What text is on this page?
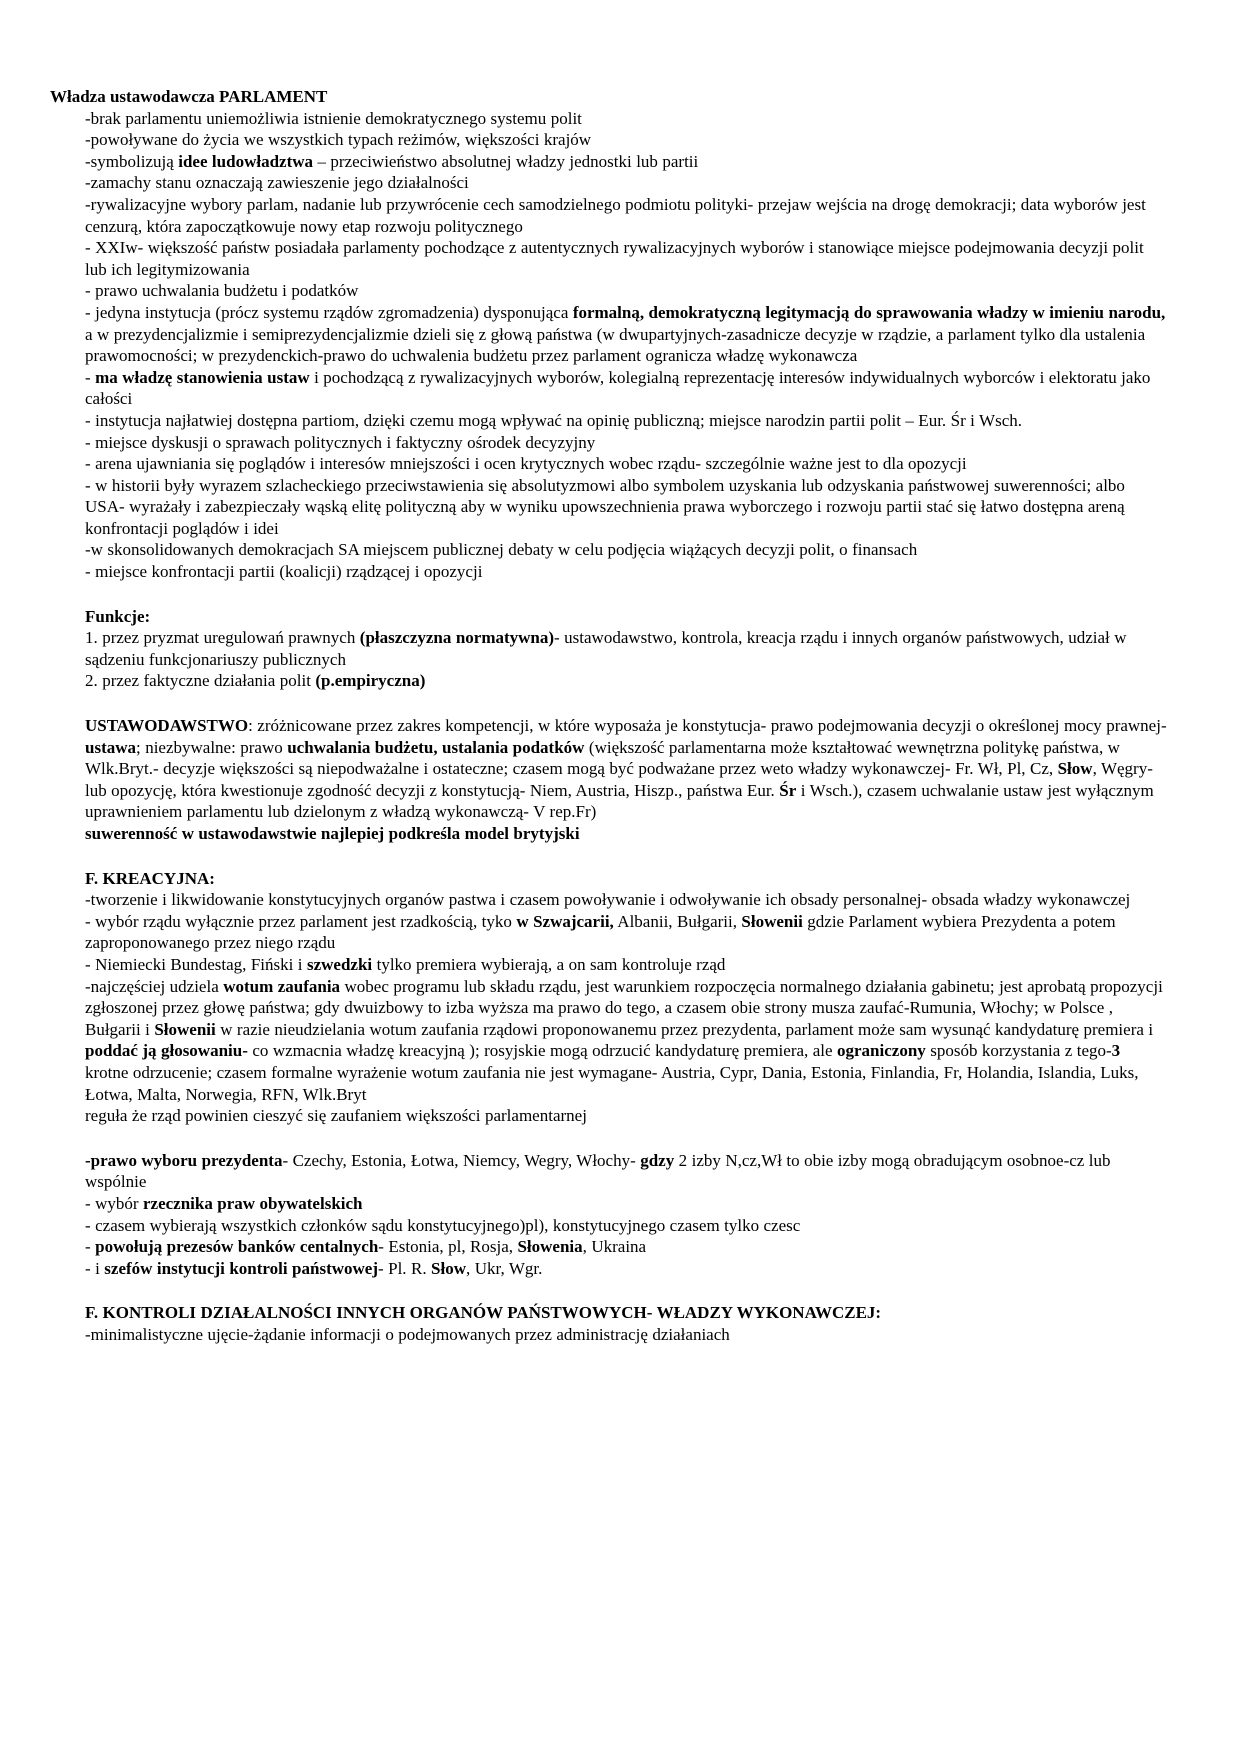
Władza ustawodawcza PARLAMENT

-brak parlamentu uniemożliwia istnienie demokratycznego systemu polit

-powoływane do życia we wszystkich typach reżimów, większości krajów

-symbolizują idee ludowładztwa – przeciwieństwo absolutnej władzy jednostki lub partii

-zamachy stanu oznaczają zawieszenie jego działalności

-rywalizacyjne wybory parlam, nadanie lub przywrócenie cech samodzielnego podmiotu polityki- przejaw wejścia na drogę demokracji; data wyborów jest cenzurą, która zapoczątkowuje nowy etap rozwoju politycznego

- XXIw- większość państw posiadała parlamenty pochodzące z autentycznych rywalizacyjnych wyborów i stanowiące miejsce podejmowania decyzji polit lub ich legitymizowania

- prawo uchwalania budżetu i podatków

- jedyna instytucja (prócz systemu rządów zgromadzenia) dysponująca formalną, demokratyczną legitymacją do sprawowania władzy w imieniu narodu, a w prezydencjalizmie i semiprezydencjalizmie dzieli się z głową państwa (w dwupartyjnych-zasadnicze decyzje w rządzie, a parlament tylko dla ustalenia prawomocności; w prezydenckich-prawo do uchwalenia budżetu przez parlament ogranicza władzę wykonawcza

- ma władzę stanowienia ustaw i pochodzącą z rywalizacyjnych wyborów, kolegialną reprezentację interesów indywidualnych wyborców i elektoratu jako całości

- instytucja najłatwiej dostępna partiom, dzięki czemu mogą wpływać na opinię publiczną; miejsce narodzin partii polit – Eur. Śr i Wsch.

- miejsce dyskusji o sprawach politycznych i faktyczny ośrodek decyzyjny

- arena ujawniania się poglądów i interesów mniejszości i ocen krytycznych wobec rządu- szczególnie ważne jest to dla opozycji

- w historii były wyrazem szlacheckiego przeciwstawienia się absolutyzmowi albo symbolem uzyskania lub odzyskania państwowej suwerenności; albo USA- wyrażały i zabezpieczały wąską elitę polityczną aby w wyniku upowszechnienia prawa wyborczego i rozwoju partii stać się łatwo dostępna areną konfrontacji poglądów i idei

-w skonsolidowanych demokracjach SA miejscem publicznej debaty w celu podjęcia wiążących decyzji polit, o finansach

- miejsce konfrontacji partii (koalicji) rządzącej i opozycji

Funkcje:

1. przez pryzmat uregulowań prawnych (płaszczyzna normatywna)- ustawodawstwo, kontrola, kreacja rządu i innych organów państwowych, udział w sądzeniu funkcjonariuszy publicznych

2. przez faktyczne działania polit (p.empiryczna)

USTAWODAWSTWO: zróżnicowane przez zakres kompetencji, w które wyposaża je konstytucja- prawo podejmowania decyzji o określonej mocy prawnej- ustawa; niezbywalne: prawo uchwalania budżetu, ustalania podatków (większość parlamentarna może kształtować wewnętrzna politykę państwa, w Wlk.Bryt.- decyzje większości są niepodważalne i ostateczne; czasem mogą być podważane przez weto władzy wykonawczej- Fr. Wł, Pl, Cz, Słow, Węgry- lub opozycję, która kwestionuje zgodność decyzji z konstytucją- Niem, Austria, Hiszp., państwa Eur. Śr i Wsch.), czasem uchwalanie ustaw jest wyłącznym uprawnieniem parlamentu lub dzielonym z władzą wykonawczą- V rep.Fr)

suwerenność w ustawodawstwie najlepiej podkreśla model brytyjski

F. KREACYJNA:

-tworzenie i likwidowanie konstytucyjnych organów pastwa i czasem powoływanie i odwoływanie ich obsady personalnej- obsada władzy wykonawczej

- wybór rządu wyłącznie przez parlament jest rzadkością, tyko w Szwajcarii, Albanii, Bułgarii, Słowenii gdzie Parlament wybiera Prezydenta a potem zaproponowanego przez niego rządu

- Niemiecki Bundestag, Fiński i szwedzki tylko premiera wybierają, a on sam kontroluje rząd

-najczęściej udziela wotum zaufania wobec programu lub składu rządu, jest warunkiem rozpoczęcia normalnego działania gabinetu; jest aprobatą propozycji zgłoszonej przez głowę państwa; gdy dwuizbowy to izba wyższa ma prawo do tego, a czasem obie strony musza zaufać-Rumunia, Włochy; w Polsce , Bułgarii i Słowenii w razie nieudzielania wotum zaufania rządowi proponowanemu przez prezydenta, parlament może sam wysunąć kandydaturę premiera i poddać ją głosowaniu- co wzmacnia władzę kreacyjną ); rosyjskie mogą odrzucić kandydaturę premiera, ale ograniczony sposób korzystania z tego-3 krotne odrzucenie; czasem formalne wyrażenie wotum zaufania nie jest wymagane- Austria, Cypr, Dania, Estonia, Finlandia, Fr, Holandia, Islandia, Luks, Łotwa, Malta, Norwegia, RFN, Wlk.Bryt

reguła że rząd powinien cieszyć się zaufaniem większości parlamentarnej

-prawo wyboru prezydenta- Czechy, Estonia, Łotwa, Niemcy, Wegry, Włochy- gdzy 2 izby N,cz,Wł to obie izby mogą obradującym osobnoe-cz lub wspólnie

- wybór rzecznika praw obywatelskich

- czasem wybierają wszystkich członków sądu konstytucyjnego)pl), konstytucyjnego czasem tylko czesc

- powołują prezesów banków centalnych- Estonia, pl, Rosja, Słowenia, Ukraina

- i szefów instytucji kontroli państwowej- Pl. R. Słow, Ukr, Wgr.

F. KONTROLI DZIAŁALNOŚCI INNYCH ORGANÓW PAŃSTWOWYCH- WŁADZY WYKONAWCZEJ:

-minimalistyczne ujęcie-żądanie informacji o podejmowanych przez administrację działaniach
